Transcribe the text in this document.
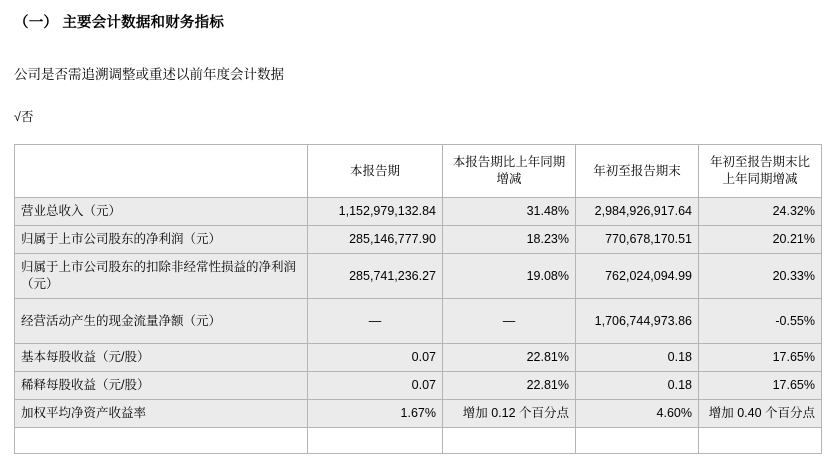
（一） 主要会计数据和财务指标
公司是否需追溯调整或重述以前年度会计数据
√否
	本报告期	本报告期比上年同期增减	年初至报告期末	年初至报告期末比上年同期增减
营业总收入（元）	1,152,979,132.84	31.48%	2,984,926,917.64	24.32%
归属于上市公司股东的净利润（元）	285,146,777.90	18.23%	770,678,170.51	20.21%
归属于上市公司股东的扣除非经常性损益的净利润（元）	285,741,236.27	19.08%	762,024,094.99	20.33%
经营活动产生的现金流量净额（元）	—	—	1,706,744,973.86	-0.55%
基本每股收益（元/股）	0.07	22.81%	0.18	17.65%
稀释每股收益（元/股）	0.07	22.81%	0.18	17.65%
加权平均净资产收益率	1.67%	增加 0.12 个百分点	4.60%	增加 0.40 个百分点
